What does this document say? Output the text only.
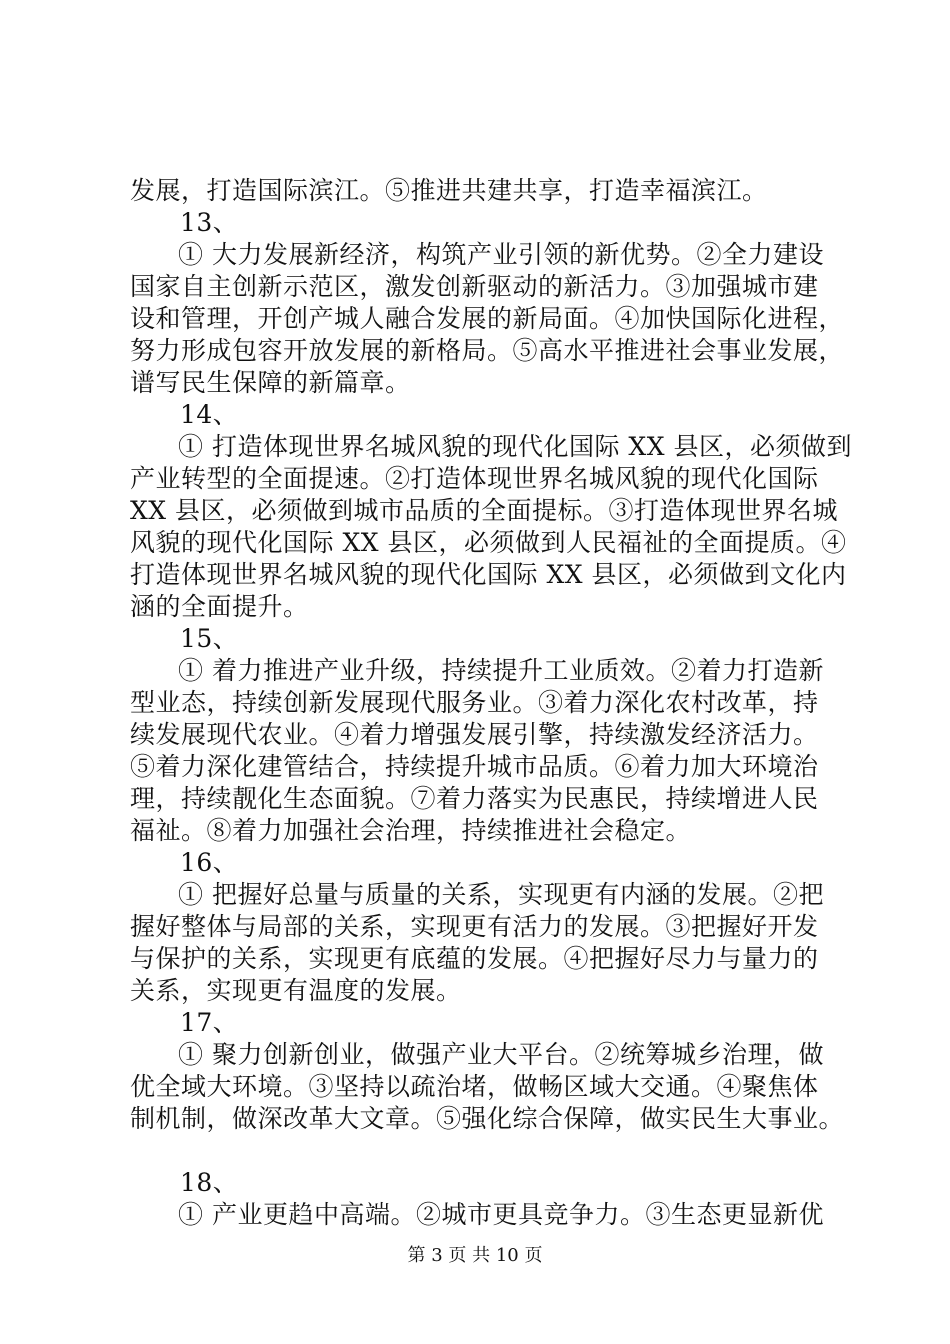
发展，打造国际滨江。⑤推进共建共享，打造幸福滨江。
13、
① 大力发展新经济，构筑产业引领的新优势。②全力建设
国家自主创新示范区，激发创新驱动的新活力。③加强城市建
设和管理，开创产城人融合发展的新局面。④加快国际化进程，
努力形成包容开放发展的新格局。⑤高水平推进社会事业发展，
谱写民生保障的新篇章。
14、
① 打造体现世界名城风貌的现代化国际 XX 县区，必须做到
产业转型的全面提速。②打造体现世界名城风貌的现代化国际
XX 县区，必须做到城市品质的全面提标。③打造体现世界名城
风貌的现代化国际 XX 县区，必须做到人民福祉的全面提质。④
打造体现世界名城风貌的现代化国际 XX 县区，必须做到文化内
涵的全面提升。
15、
① 着力推进产业升级，持续提升工业质效。②着力打造新
型业态，持续创新发展现代服务业。③着力深化农村改革，持
续发展现代农业。④着力增强发展引擎，持续激发经济活力。
⑤着力深化建管结合，持续提升城市品质。⑥着力加大环境治
理，持续靓化生态面貌。⑦着力落实为民惠民，持续增进人民
福祉。⑧着力加强社会治理，持续推进社会稳定。
16、
① 把握好总量与质量的关系，实现更有内涵的发展。②把
握好整体与局部的关系，实现更有活力的发展。③把握好开发
与保护的关系，实现更有底蕴的发展。④把握好尽力与量力的
关系，实现更有温度的发展。
17、
① 聚力创新创业，做强产业大平台。②统筹城乡治理，做
优全域大环境。③坚持以疏治堵，做畅区域大交通。④聚焦体
制机制，做深改革大文章。⑤强化综合保障，做实民生大事业。
18、
① 产业更趋中高端。②城市更具竞争力。③生态更显新优
第 3 页 共 10 页
